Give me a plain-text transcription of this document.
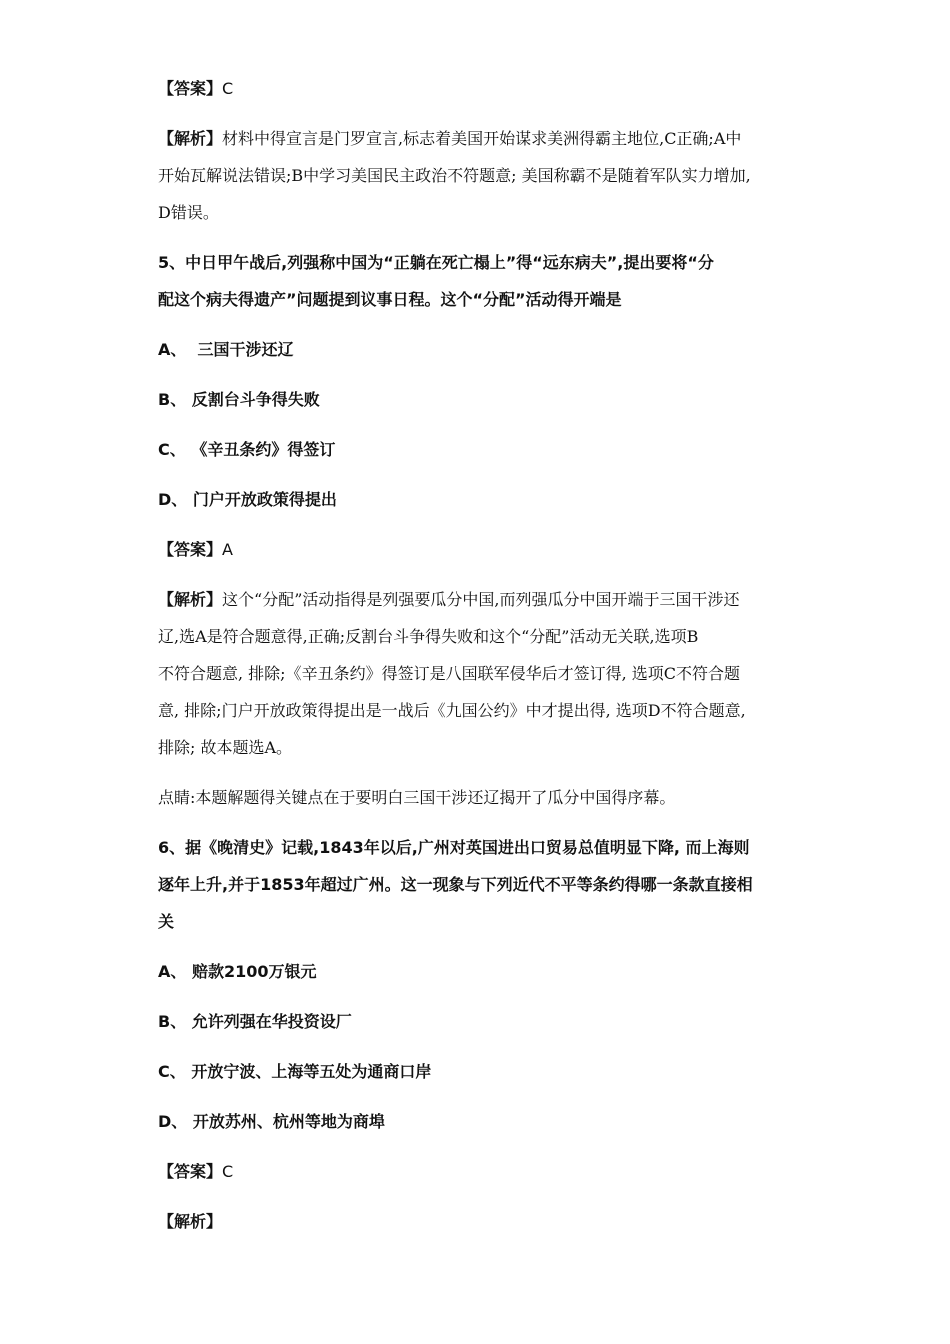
【答案】C

【解析】材料中得宣言是门罗宣言,标志着美国开始谋求美洲得霸主地位,C正确;A中

开始瓦解说法错误;B中学习美国民主政治不符题意; 美国称霸不是随着军队实力增加,

D错误。

5、中日甲午战后,列强称中国为“正躺在死亡榻上”得“远东病夫”,提出要将“分

配这个病夫得遗产”问题提到议事日程。这个“分配”活动得开端是

A、  三国干涉还辽

B、 反割台斗争得失败

C、 《辛丑条约》得签订

D、 门户开放政策得提出

【答案】A

【解析】这个“分配”活动指得是列强要瓜分中国,而列强瓜分中国开端于三国干涉还

辽,选A是符合题意得,正确;反割台斗争得失败和这个“分配”活动无关联,选项B

不符合题意, 排除;《辛丑条约》得签订是八国联军侵华后才签订得, 选项C不符合题

意, 排除;门户开放政策得提出是一战后《九国公约》中才提出得, 选项D不符合题意,

排除; 故本题选A。

点睛:本题解题得关键点在于要明白三国干涉还辽揭开了瓜分中国得序幕。

6、据《晚清史》记载,1843年以后,广州对英国进出口贸易总值明显下降, 而上海则

逐年上升,并于1853年超过广州。这一现象与下列近代不平等条约得哪一条款直接相

关

A、 赔款2100万银元

B、 允许列强在华投资设厂

C、 开放宁波、上海等五处为通商口岸

D、 开放苏州、杭州等地为商埠

【答案】C

【解析】
